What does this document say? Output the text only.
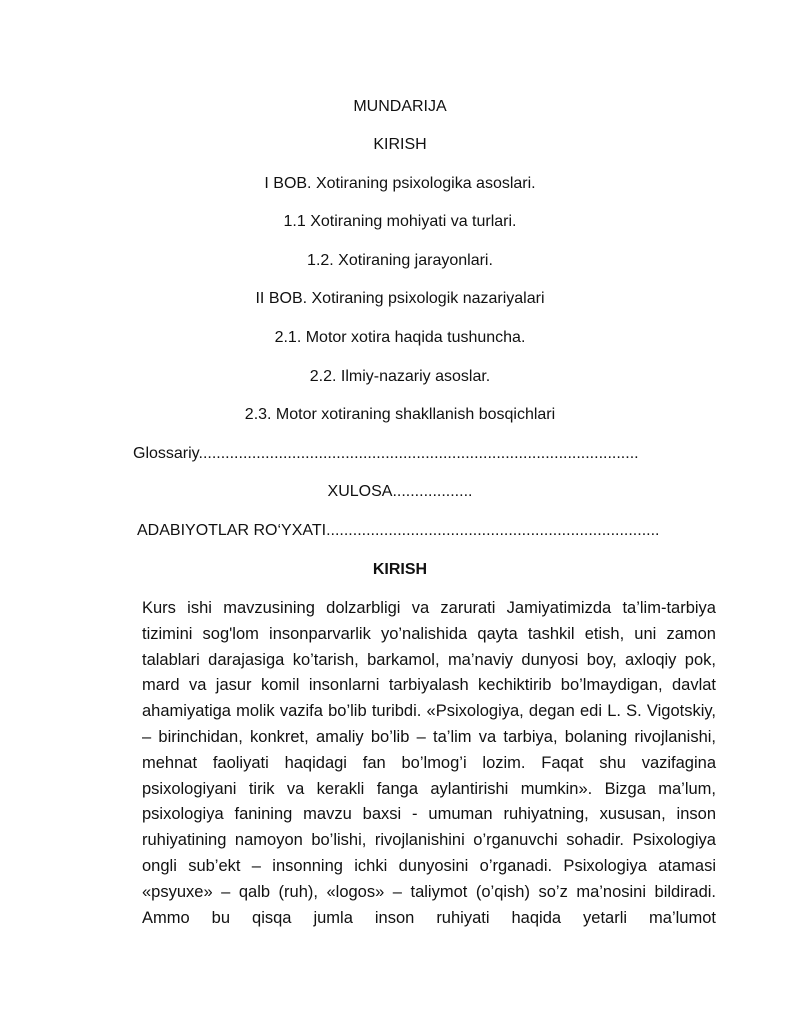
MUNDARIJA
KIRISH
I BOB. Xotiraning psixologika asoslari.
1.1 Xotiraning mohiyati va turlari.
1.2. Xotiraning jarayonlari.
II BOB. Xotiraning psixologik nazariyalari
2.1. Motor xotira haqida tushuncha.
2.2. Ilmiy-nazariy asoslar.
2.3. Motor xotiraning shakllanish bosqichlari
Glossariy...................................................................................................
XULOSA..................
ADABIYOTLAR RO‘YXATI...........................................................................
KIRISH

Kurs ishi mavzusining dolzarbligi va zarurati Jamiyatimizda ta’lim-tarbiya tizimini sog'lom insonparvarlik yo’nalishida qayta tashkil etish, uni zamon talablari darajasiga ko’tarish, barkamol, ma’naviy dunyosi boy, axloqiy pok, mard va jasur komil insonlarni tarbiyalash kechiktirib bo’lmaydigan, davlat ahamiyatiga molik vazifa bo’lib turibdi. «Psixologiya, degan edi L. S. Vigotskiy, – birinchidan, konkret, amaliy bo’lib – ta’lim va tarbiya, bolaning rivojlanishi, mehnat faoliyati haqidagi fan bo’lmog’i lozim. Faqat shu vazifagina psixologiyani tirik va kerakli fanga aylantirishi mumkin». Bizga ma’lum, psixologiya fanining mavzu baxsi - umuman ruhiyatning, xususan, inson ruhiyatining namoyon bo’lishi, rivojlanishini o’rganuvchi sohadir. Psixologiya ongli sub’ekt – insonning ichki dunyosini o’rganadi. Psixologiya atamasi «psyuxe» – qalb (ruh), «logos» – taliymot (o’qish) so’z ma’nosini bildiradi. Ammo bu qisqa jumla inson ruhiyati haqida yetarli ma’lumot
